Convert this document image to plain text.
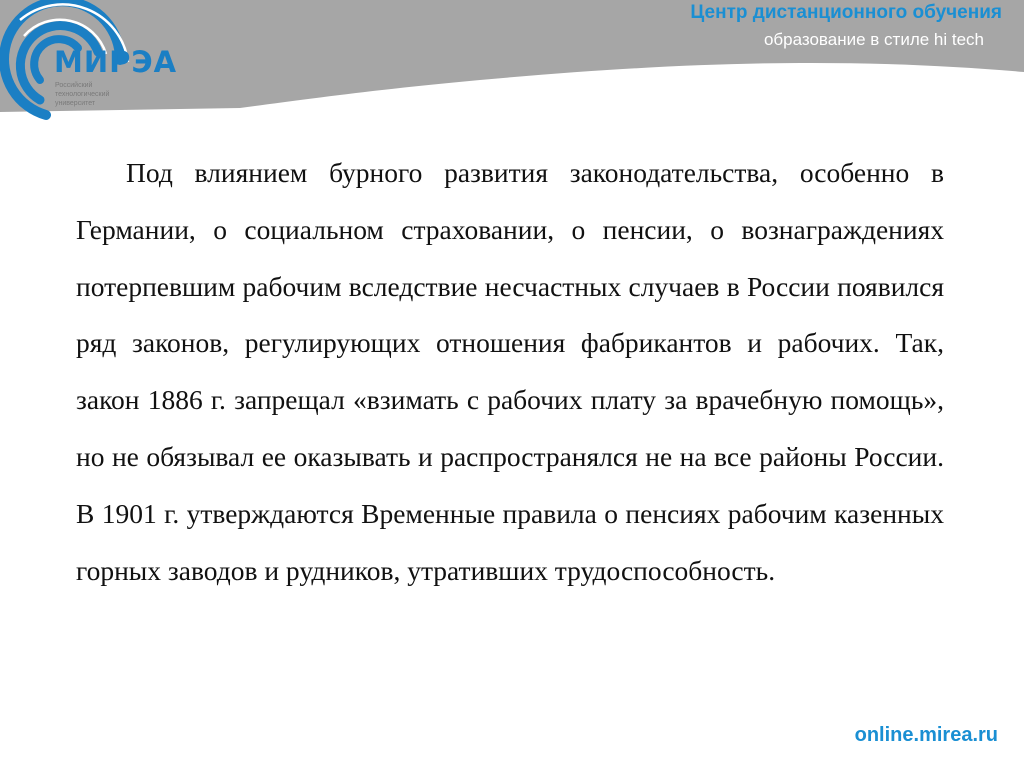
МИРЭА
Российский технологический университет
Центр дистанционного обучения
образование в стиле hi tech

Под влиянием бурного развития законодательства, особенно в Германии, о социальном страховании, о пенсии, о вознаграждениях потерпевшим рабочим вследствие несчастных случаев в России появился ряд законов, регулирующих отношения фабрикантов и рабочих. Так, закон 1886 г. запрещал «взимать с рабочих плату за врачебную помощь», но не обязывал ее оказывать и распространялся не на все районы России. В 1901 г. утверждаются Временные правила о пенсиях рабочим казенных горных заводов и рудников, утративших трудоспособность.

online.mirea.ru
